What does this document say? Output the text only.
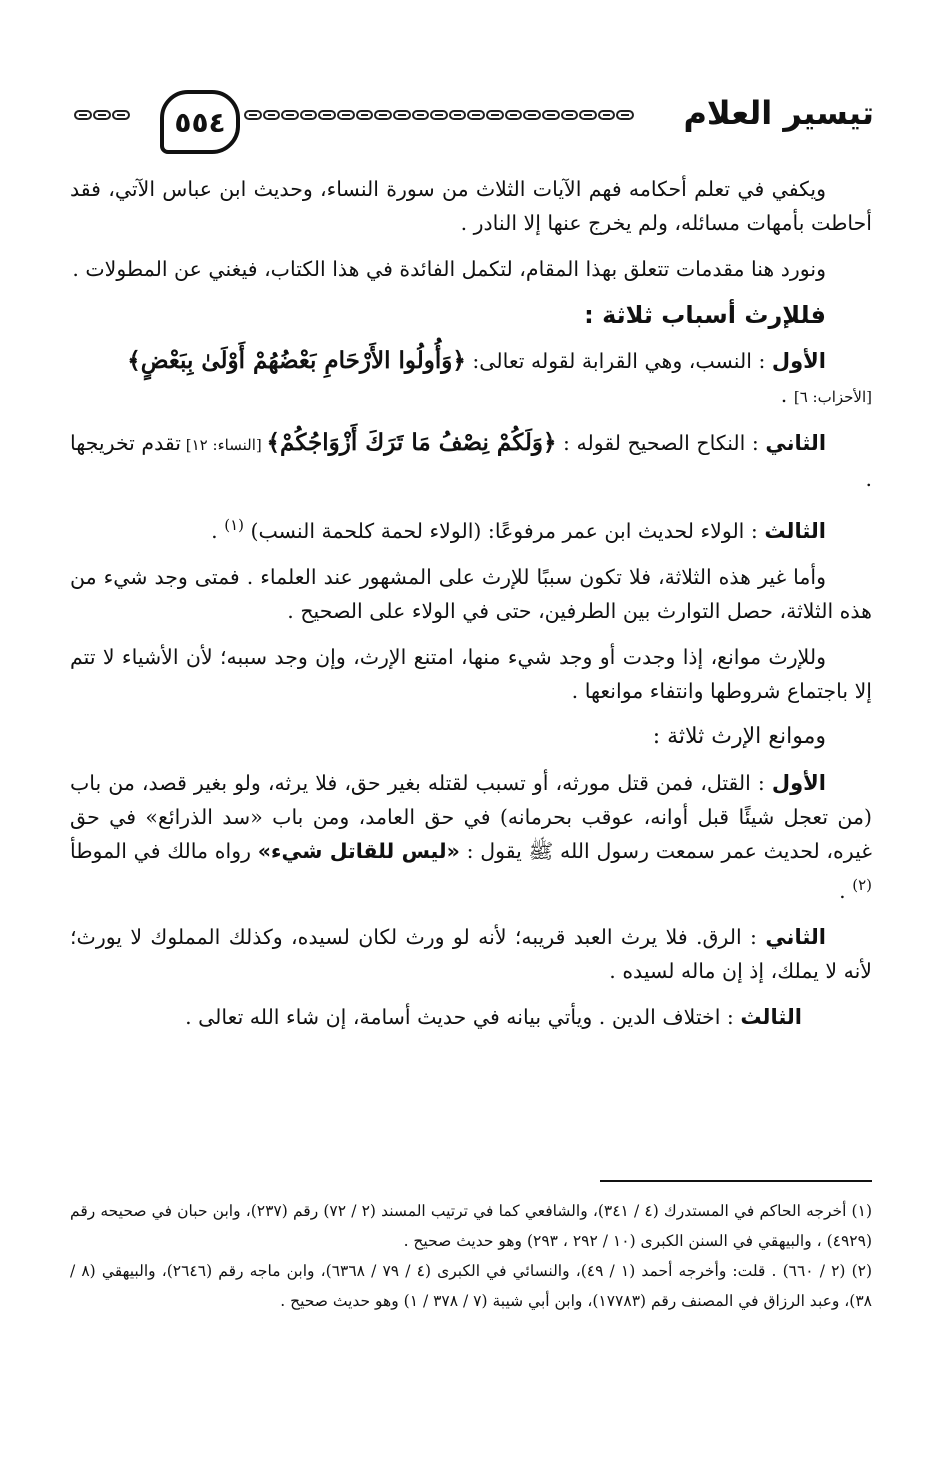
تيسير العلام
٥٥٤

ويكفي في تعلم أحكامه فهم الآيات الثلاث من سورة النساء، وحديث ابن عباس الآتي، فقد أحاطت بأمهات مسائله، ولم يخرج عنها إلا النادر .

ونورد هنا مقدمات تتعلق بهذا المقام، لتكمل الفائدة في هذا الكتاب، فيغني عن المطولات .

فللإرث أسباب ثلاثة :

الأول : النسب، وهي القرابة لقوله تعالى: ﴿وَأُولُوا الأَرْحَامِ بَعْضُهُمْ أَوْلَىٰ بِبَعْضٍ﴾
[الأحزاب: ٦] .

الثاني : النكاح الصحيح لقوله : ﴿وَلَكُمْ نِصْفُ مَا تَرَكَ أَزْوَاجُكُمْ﴾ [النساء: ١٢] تقدم تخريجها .

الثالث : الولاء لحديث ابن عمر مرفوعًا: (الولاء لحمة كلحمة النسب) $^{(١)}$ .

وأما غير هذه الثلاثة، فلا تكون سببًا للإرث على المشهور عند العلماء . فمتى وجد شيء من هذه الثلاثة، حصل التوارث بين الطرفين، حتى في الولاء على الصحيح .

وللإرث موانع، إذا وجدت أو وجد شيء منها، امتنع الإرث، وإن وجد سببه؛ لأن الأشياء لا تتم إلا باجتماع شروطها وانتفاء موانعها .

وموانع الإرث ثلاثة :

الأول : القتل، فمن قتل مورثه، أو تسبب لقتله بغير حق، فلا يرثه، ولو بغير قصد، من باب (من تعجل شيئًا قبل أوانه، عوقب بحرمانه) في حق العامد، ومن باب «سد الذرائع» في حق غيره، لحديث عمر سمعت رسول الله ﷺ يقول : «ليس للقاتل شيء» رواه مالك في الموطأ $^{(٢)}$ .

الثاني : الرق. فلا يرث العبد قريبه؛ لأنه لو ورث لكان لسيده، وكذلك المملوك لا يورث؛ لأنه لا يملك، إذ إن ماله لسيده .

الثالث : اختلاف الدين . ويأتي بيانه في حديث أسامة، إن شاء الله تعالى .

(١) أخرجه الحاكم في المستدرك (٤ / ٣٤١)، والشافعي كما في ترتيب المسند (٢ / ٧٢) رقم (٢٣٧)، وابن حبان في صحيحه رقم (٤٩٢٩) ، والبيهقي في السنن الكبرى (١٠ / ٢٩٢ ، ٢٩٣) وهو حديث صحيح .

(٢) (٢ / ٦٦٠) . قلت: وأخرجه أحمد (١ / ٤٩)، والنسائي في الكبرى (٤ / ٧٩ / ٦٣٦٨)، وابن ماجه رقم (٢٦٤٦)، والبيهقي (٨ / ٣٨)، وعبد الرزاق في المصنف رقم (١٧٧٨٣)، وابن أبي شيبة (٧ / ٣٧٨ / ١) وهو حديث صحيح .
